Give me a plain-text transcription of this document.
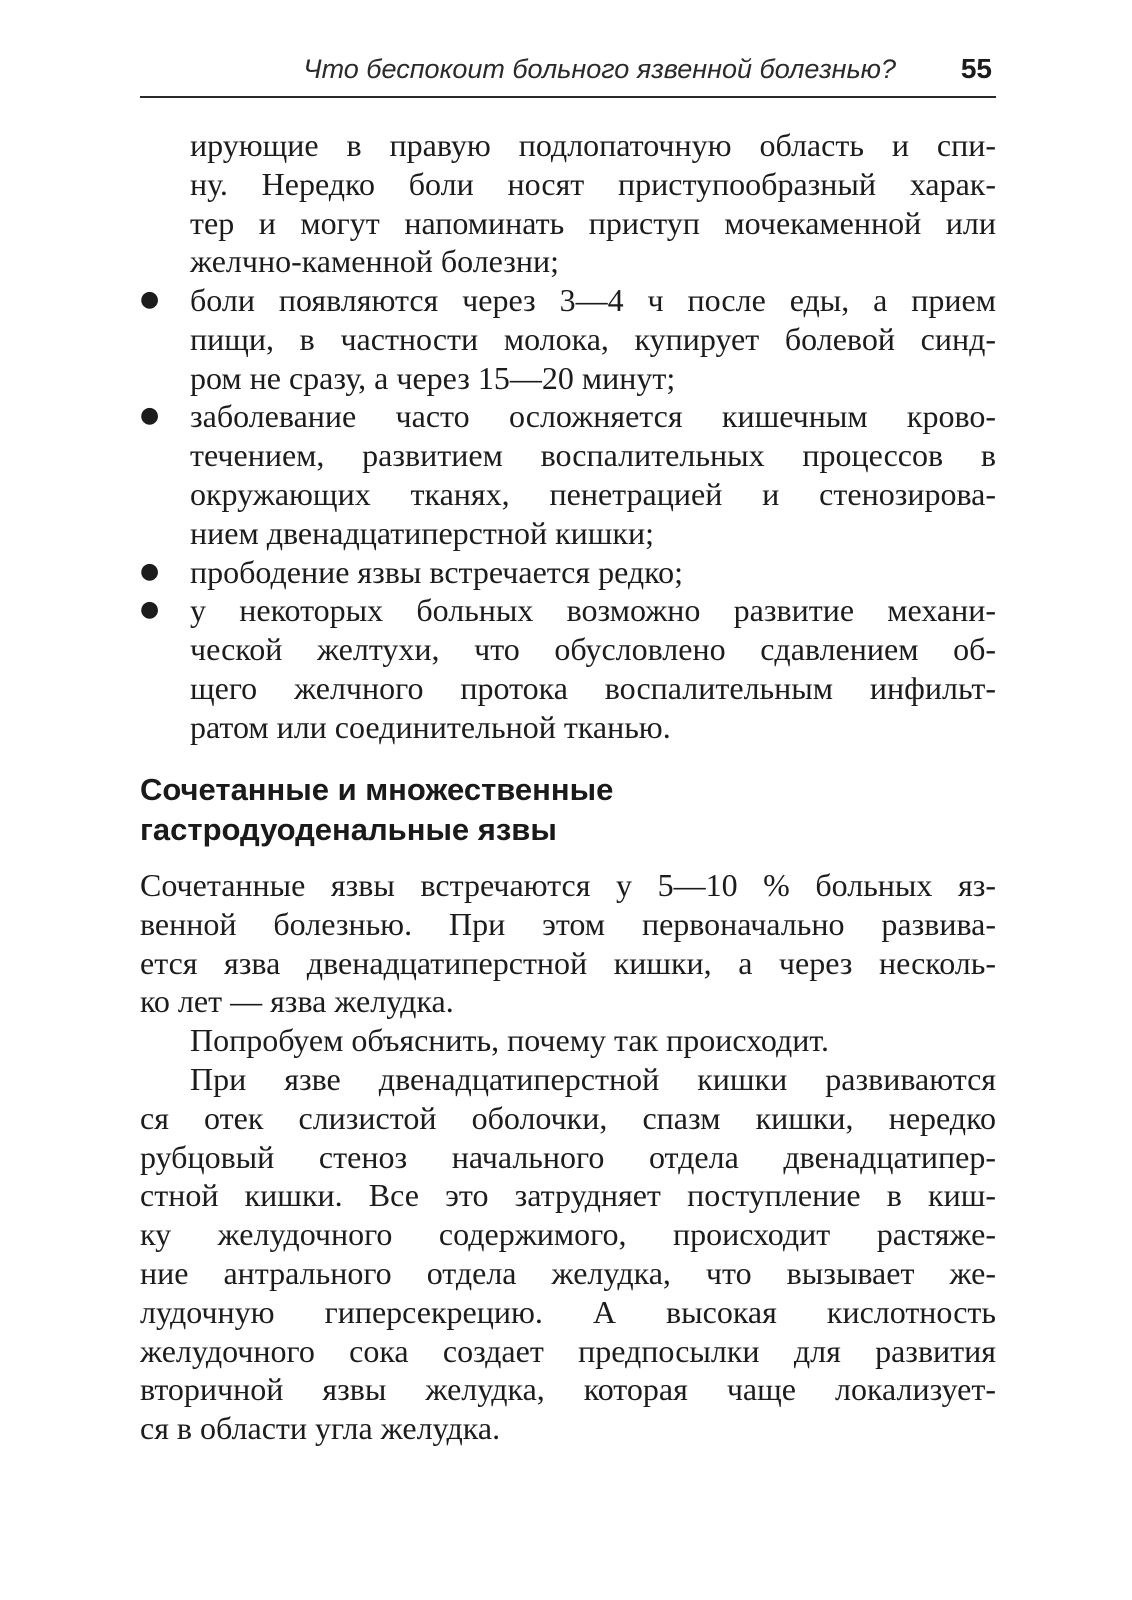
Что беспокоит больного язвенной болезнью? 55
ирующие в правую подлопаточную область и спи-
ну. Нередко боли носят приступообразный харак-
тер и могут напоминать приступ мочекаменной или
желчно-каменной болезни;
● боли появляются через 3—4 ч после еды, а прием
пищи, в частности молока, купирует болевой синд-
ром не сразу, а через 15—20 минут;
● заболевание часто осложняется кишечным крово-
течением, развитием воспалительных процессов в
окружающих тканях, пенетрацией и стенозирова-
нием двенадцатиперстной кишки;
● прободение язвы встречается редко;
● у некоторых больных возможно развитие механи-
ческой желтухи, что обусловлено сдавлением об-
щего желчного протока воспалительным инфильт-
ратом или соединительной тканью.
Сочетанные и множественные
гастродуоденальные язвы
Сочетанные язвы встречаются у 5—10 % больных яз-
венной болезнью. При этом первоначально развива-
ется язва двенадцатиперстной кишки, а через несколь-
ко лет — язва желудка.
Попробуем объяснить, почему так происходит.
При язве двенадцатиперстной кишки развиваются
ся отек слизистой оболочки, спазм кишки, нередко
рубцовый стеноз начального отдела двенадцатипер-
стной кишки. Все это затрудняет поступление в киш-
ку желудочного содержимого, происходит растяже-
ние антрального отдела желудка, что вызывает же-
лудочную гиперсекрецию. А высокая кислотность
желудочного сока создает предпосылки для развития
вторичной язвы желудка, которая чаще локализует-
ся в области угла желудка.
